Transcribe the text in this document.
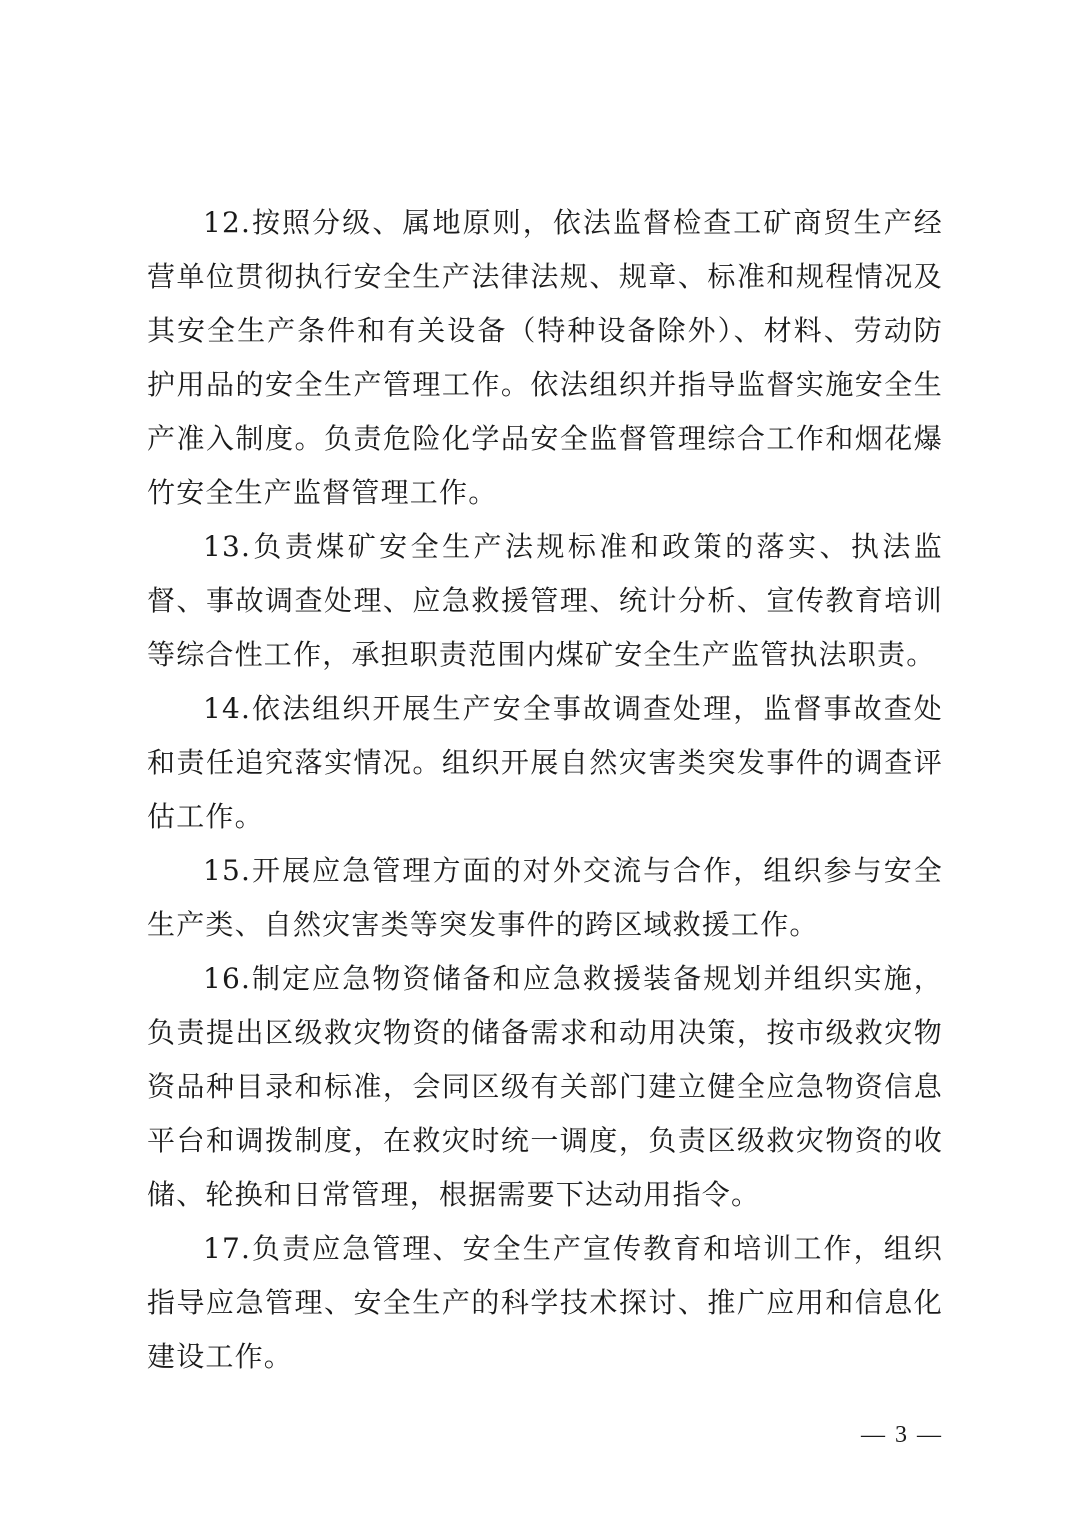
12.按照分级、属地原则，依法监督检查工矿商贸生产经营单位贯彻执行安全生产法律法规、规章、标准和规程情况及其安全生产条件和有关设备（特种设备除外）、材料、劳动防护用品的安全生产管理工作。依法组织并指导监督实施安全生产准入制度。负责危险化学品安全监督管理综合工作和烟花爆竹安全生产监督管理工作。

13.负责煤矿安全生产法规标准和政策的落实、执法监督、事故调查处理、应急救援管理、统计分析、宣传教育培训等综合性工作，承担职责范围内煤矿安全生产监管执法职责。

14.依法组织开展生产安全事故调查处理，监督事故查处和责任追究落实情况。组织开展自然灾害类突发事件的调查评估工作。

15.开展应急管理方面的对外交流与合作，组织参与安全生产类、自然灾害类等突发事件的跨区域救援工作。

16.制定应急物资储备和应急救援装备规划并组织实施，负责提出区级救灾物资的储备需求和动用决策，按市级救灾物资品种目录和标准，会同区级有关部门建立健全应急物资信息平台和调拨制度，在救灾时统一调度，负责区级救灾物资的收储、轮换和日常管理，根据需要下达动用指令。

17.负责应急管理、安全生产宣传教育和培训工作，组织指导应急管理、安全生产的科学技术探讨、推广应用和信息化建设工作。

— 3 —
